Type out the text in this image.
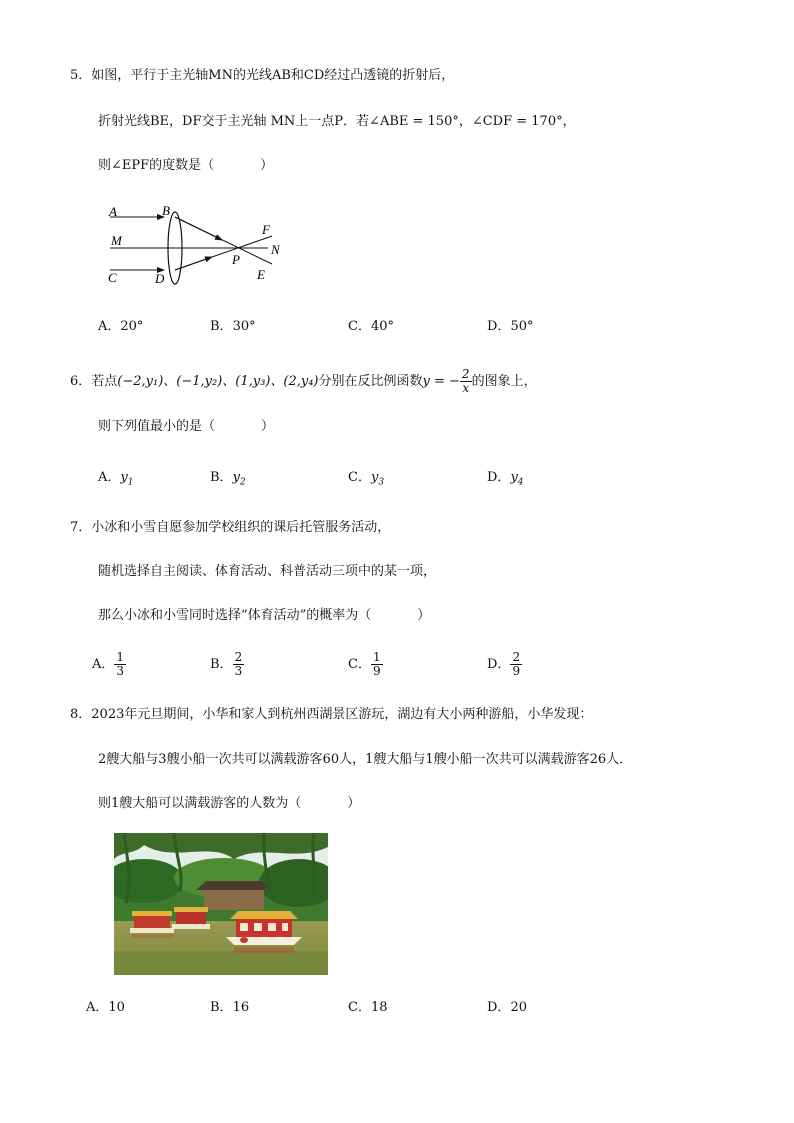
5．如图，平行于主光轴MN的光线AB和CD经过凸透镜的折射后，
折射光线BE，DF交于主光轴 MN上一点P．若∠ABE = 150°，∠CDF = 170°，
则∠EPF的度数是（	）
A	B
M
C	D
P
F
N
E
A．20°	B．30°	C．40°	D．50°
6．若点(−2,y₁)、(−1,y₂)、(1,y₃)、(2,y₄)分别在反比例函数y = − $\frac{2}{x}$ 的图象上，
则下列值最小的是（	）
A．$y_1$	B．$y_2$	C．$y_3$	D．$y_4$
7．小冰和小雪自愿参加学校组织的课后托管服务活动，
随机选择自主阅读、体育活动、科普活动三项中的某一项，
那么小冰和小雪同时选择“体育活动”的概率为（	）
A． $\frac{1}{3}$	B． $\frac{2}{3}$	C． $\frac{1}{9}$	D． $\frac{2}{9}$
8．2023年元旦期间，小华和家人到杭州西湖景区游玩，湖边有大小两种游船，小华发现：
2艘大船与3艘小船一次共可以满载游客60人，1艘大船与1艘小船一次共可以满载游客26人．
则1艘大船可以满载游客的人数为（	）
A．10	B．16	C．18	D．20
